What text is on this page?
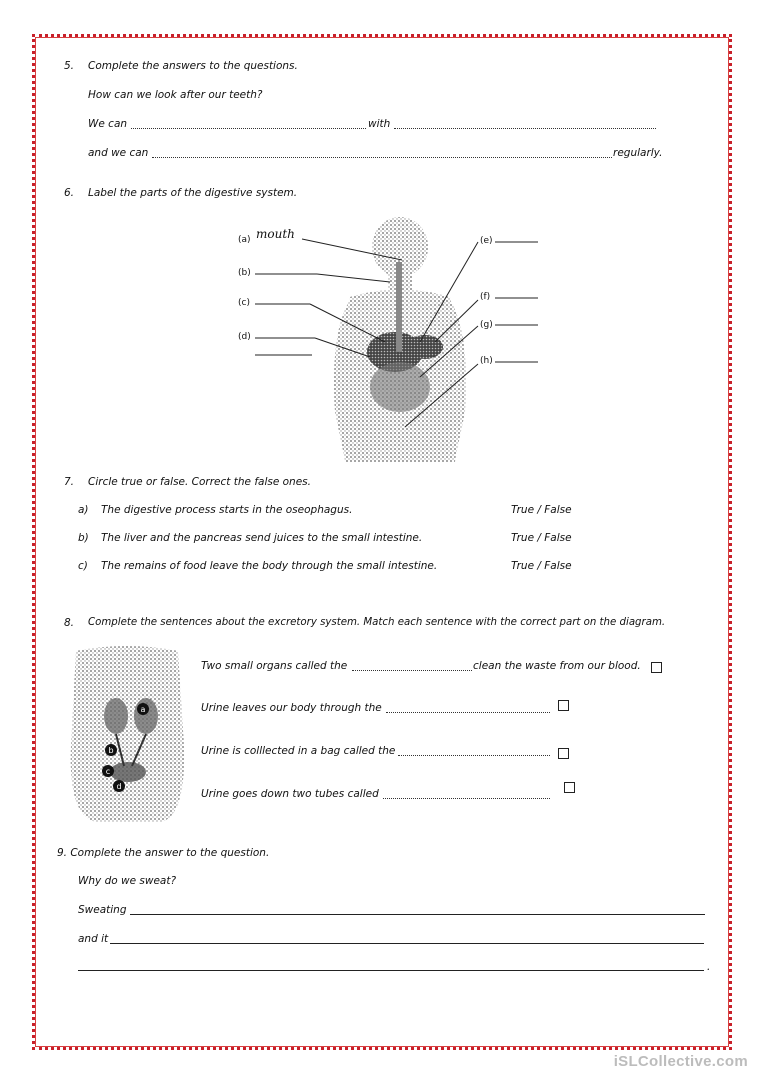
5. Complete the answers to the questions.
How can we look after our teeth?
We can	with
and we can	regularly.
6. Label the parts of the digestive system.
(a) mouth
(b)
(c)
(d)
(e)
(f)
(g)
(h)
7. Circle true or false. Correct the false ones.
a) The digestive process starts in the oseophagus.	True / False
b) The liver and the pancreas send juices to the small intestine.	True / False
c) The remains of food leave the body through the small intestine.	True / False
8. Complete the sentences about the excretory system. Match each sentence with the correct part on the diagram.
a
b
c
d
Two small organs called the	clean the waste from our blood.
Urine leaves our body through the
Urine is colllected in a bag called the
Urine goes down two tubes called
9. Complete the answer to the question.
Why do we sweat?
Sweating
and it
.
iSLCollective.com
